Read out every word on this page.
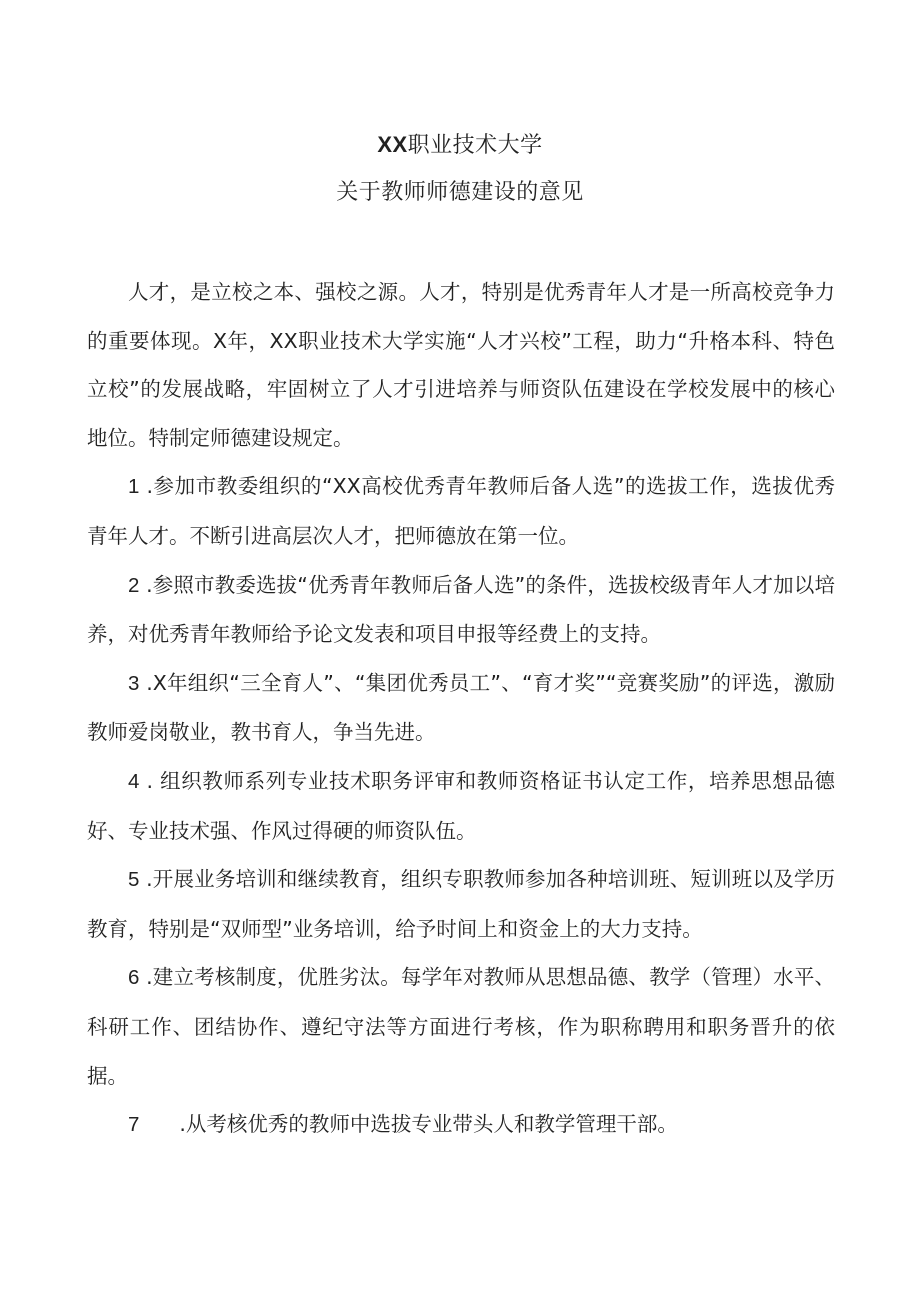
XX职业技术大学
关于教师师德建设的意见

人才，是立校之本、强校之源。人才，特别是优秀青年人才是一所高校竞争力的重要体现。X年，XX职业技术大学实施“人才兴校”工程，助力“升格本科、特色立校”的发展战略，牢固树立了人才引进培养与师资队伍建设在学校发展中的核心地位。特制定师德建设规定。

1 .参加市教委组织的“XX高校优秀青年教师后备人选”的选拔工作，选拔优秀青年人才。不断引进高层次人才，把师德放在第一位。

2 .参照市教委选拔“优秀青年教师后备人选”的条件，选拔校级青年人才加以培养，对优秀青年教师给予论文发表和项目申报等经费上的支持。

3 .X年组织“三全育人”、“集团优秀员工”、“育才奖”“竞赛奖励”的评选，激励教师爱岗敬业，教书育人，争当先进。

4 . 组织教师系列专业技术职务评审和教师资格证书认定工作，培养思想品德好、专业技术强、作风过得硬的师资队伍。

5 .开展业务培训和继续教育，组织专职教师参加各种培训班、短训班以及学历教育，特别是“双师型”业务培训，给予时间上和资金上的大力支持。

6 .建立考核制度，优胜劣汰。每学年对教师从思想品德、教学（管理）水平、科研工作、团结协作、遵纪守法等方面进行考核，作为职称聘用和职务晋升的依据。

7 .从考核优秀的教师中选拔专业带头人和教学管理干部。
